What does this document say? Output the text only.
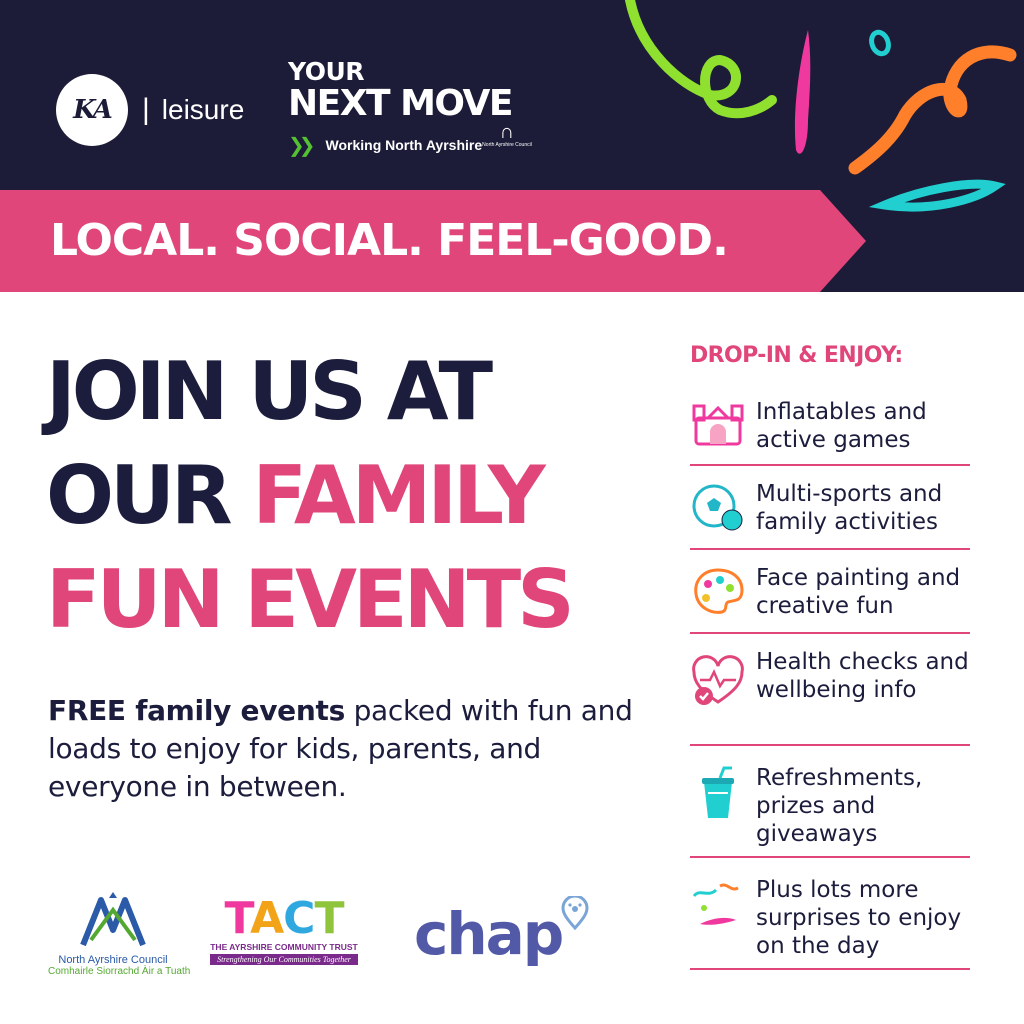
KA	| leisure
YOUR
NEXT MOVE
❯❯ Working North Ayrshire
∩
North Ayrshire Council
LOCAL. SOCIAL. FEEL-GOOD.
JOIN US AT
OUR FAMILY
FUN EVENTS

FREE family events packed with fun and loads to enjoy for kids, parents, and everyone in between.

North Ayrshire Council
Comhairle Siorrachd Àir a Tuath
TACT
THE AYRSHIRE COMMUNITY TRUST
Strengthening Our Communities Together chap
DROP-IN & ENJOY:
Inflatables and active games
Multi-sports and family activities
Face painting and creative fun
Health checks and wellbeing info
Refreshments, prizes and giveaways
Plus lots more surprises to enjoy on the day
